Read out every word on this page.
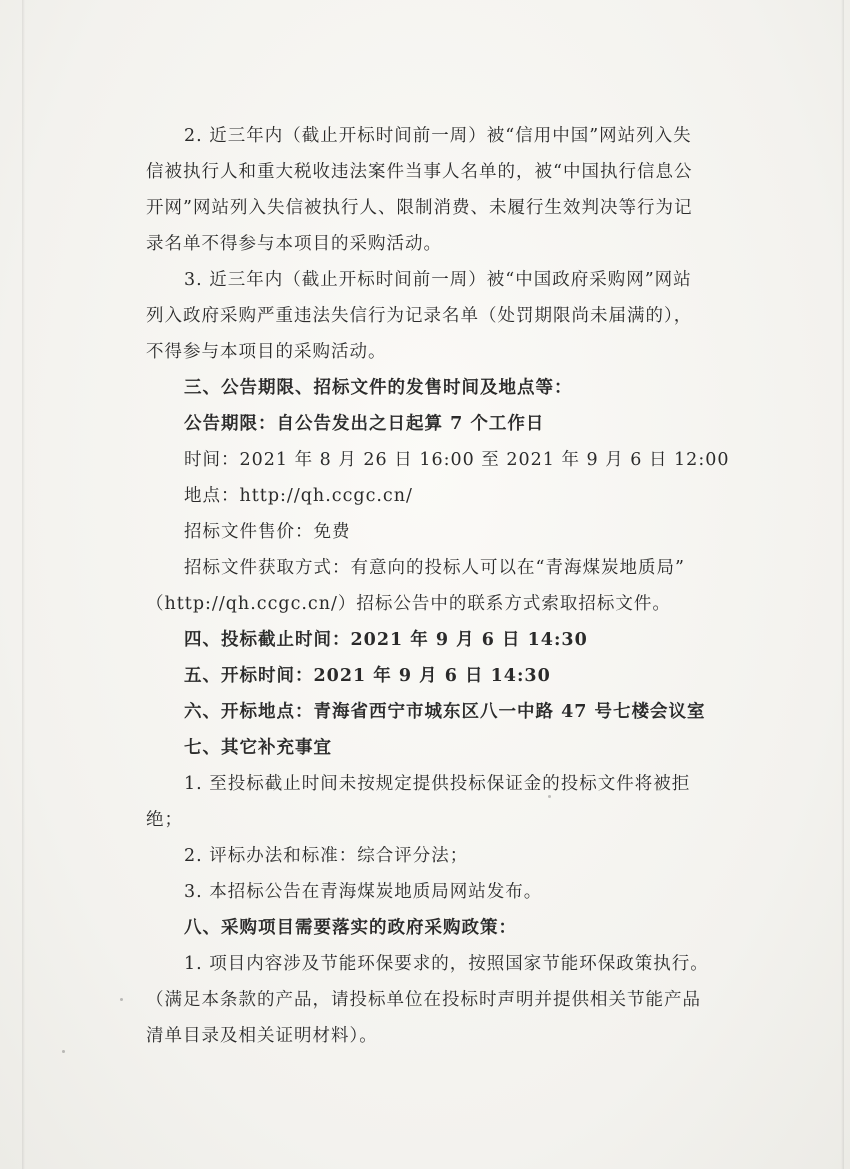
2. 近三年内（截止开标时间前一周）被“信用中国”网站列入失
信被执行人和重大税收违法案件当事人名单的，被“中国执行信息公
开网”网站列入失信被执行人、限制消费、未履行生效判决等行为记
录名单不得参与本项目的采购活动。
3. 近三年内（截止开标时间前一周）被“中国政府采购网”网站
列入政府采购严重违法失信行为记录名单（处罚期限尚未届满的），
不得参与本项目的采购活动。
三、公告期限、招标文件的发售时间及地点等：
公告期限：自公告发出之日起算 7 个工作日
时间：2021 年 8 月 26 日 16:00 至 2021 年 9 月 6 日 12:00
地点：http://qh.ccgc.cn/
招标文件售价：免费
招标文件获取方式：有意向的投标人可以在“青海煤炭地质局”
（http://qh.ccgc.cn/）招标公告中的联系方式索取招标文件。
四、投标截止时间：2021 年 9 月 6 日 14:30
五、开标时间：2021 年 9 月 6 日 14:30
六、开标地点：青海省西宁市城东区八一中路 47 号七楼会议室
七、其它补充事宜
1. 至投标截止时间未按规定提供投标保证金的投标文件将被拒
绝；
2. 评标办法和标准：综合评分法；
3. 本招标公告在青海煤炭地质局网站发布。
八、采购项目需要落实的政府采购政策：
1. 项目内容涉及节能环保要求的，按照国家节能环保政策执行。
（满足本条款的产品，请投标单位在投标时声明并提供相关节能产品
清单目录及相关证明材料）。
